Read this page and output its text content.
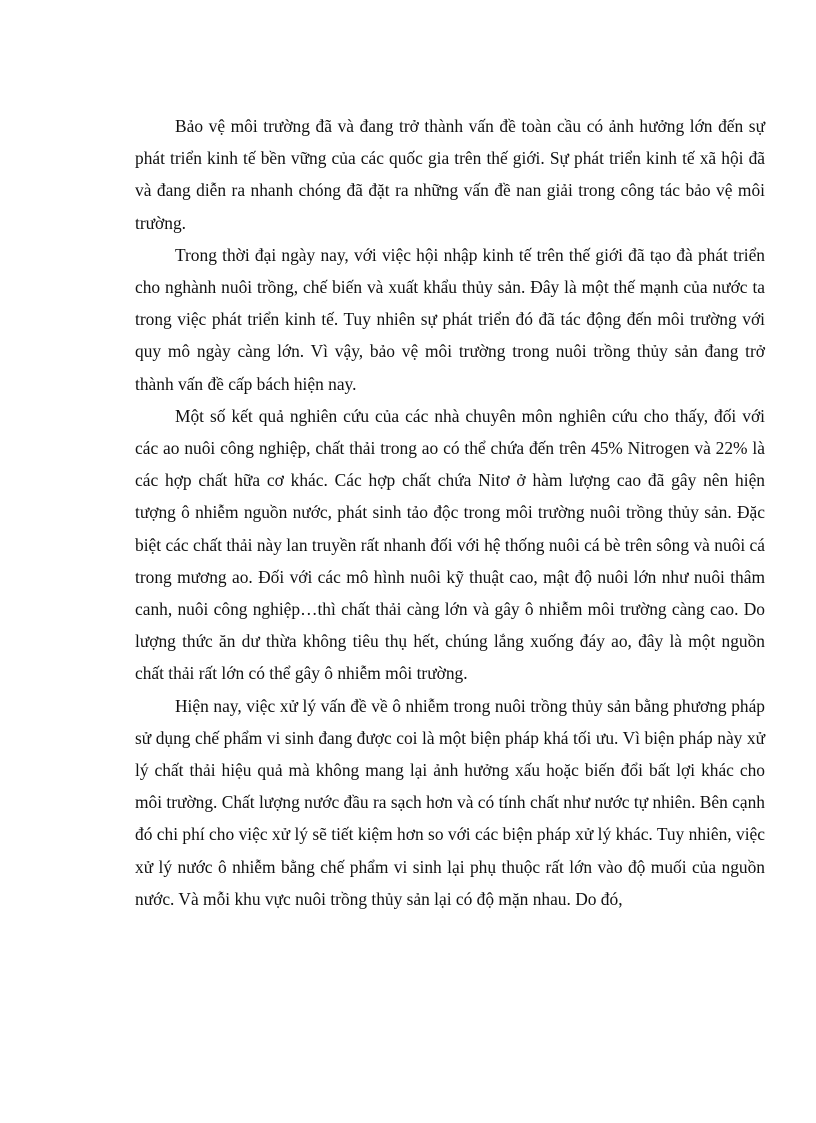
Bảo vệ môi trường đã và đang trở thành vấn đề toàn cầu có ảnh hưởng lớn đến sự phát triển kinh tế bền vững của các quốc gia trên thế giới. Sự phát triển kinh tế xã hội đã và đang diễn ra nhanh chóng đã đặt ra những vấn đề nan giải trong công tác bảo vệ môi trường.

Trong thời đại ngày nay, với việc hội nhập kinh tế trên thế giới đã tạo đà phát triển cho nghành nuôi trồng, chế biến và xuất khẩu thủy sản. Đây là một thế mạnh của nước ta trong việc phát triển kinh tế. Tuy nhiên sự phát triển đó đã tác động đến môi trường với quy mô ngày càng lớn. Vì vậy, bảo vệ môi trường trong nuôi trồng thủy sản đang trở thành vấn đề cấp bách hiện nay.

Một số kết quả nghiên cứu của các nhà chuyên môn nghiên cứu cho thấy, đối với các ao nuôi công nghiệp, chất thải trong ao có thể chứa đến trên 45% Nitrogen và 22% là các hợp chất hữa cơ khác. Các hợp chất chứa Nitơ ở hàm lượng cao đã gây nên hiện tượng ô nhiễm nguồn nước, phát sinh tảo độc trong môi trường nuôi trồng thủy sản. Đặc biệt các chất thải này lan truyền rất nhanh đối với hệ thống nuôi cá bè trên sông và nuôi cá trong mương ao. Đối với các mô hình nuôi kỹ thuật cao, mật độ nuôi lớn như nuôi thâm canh, nuôi công nghiệp…thì chất thải càng lớn và gây ô nhiễm môi trường càng cao. Do lượng thức ăn dư thừa không tiêu thụ hết, chúng lắng xuống đáy ao, đây là một nguồn chất thải rất lớn có thể gây ô nhiễm môi trường.

Hiện nay, việc xử lý vấn đề về ô nhiễm trong nuôi trồng thủy sản bằng phương pháp sử dụng chế phẩm vi sinh đang được coi là một biện pháp khá tối ưu. Vì biện pháp này xử lý chất thải hiệu quả mà không mang lại ảnh hưởng xấu hoặc biến đổi bất lợi khác cho môi trường. Chất lượng nước đầu ra sạch hơn và có tính chất như nước tự nhiên. Bên cạnh đó chi phí cho việc xử lý sẽ tiết kiệm hơn so với các biện pháp xử lý khác. Tuy nhiên, việc xử lý nước ô nhiễm bằng chế phẩm vi sinh lại phụ thuộc rất lớn vào độ muối của nguồn nước. Và mỗi khu vực nuôi trồng thủy sản lại có độ mặn nhau. Do đó,
